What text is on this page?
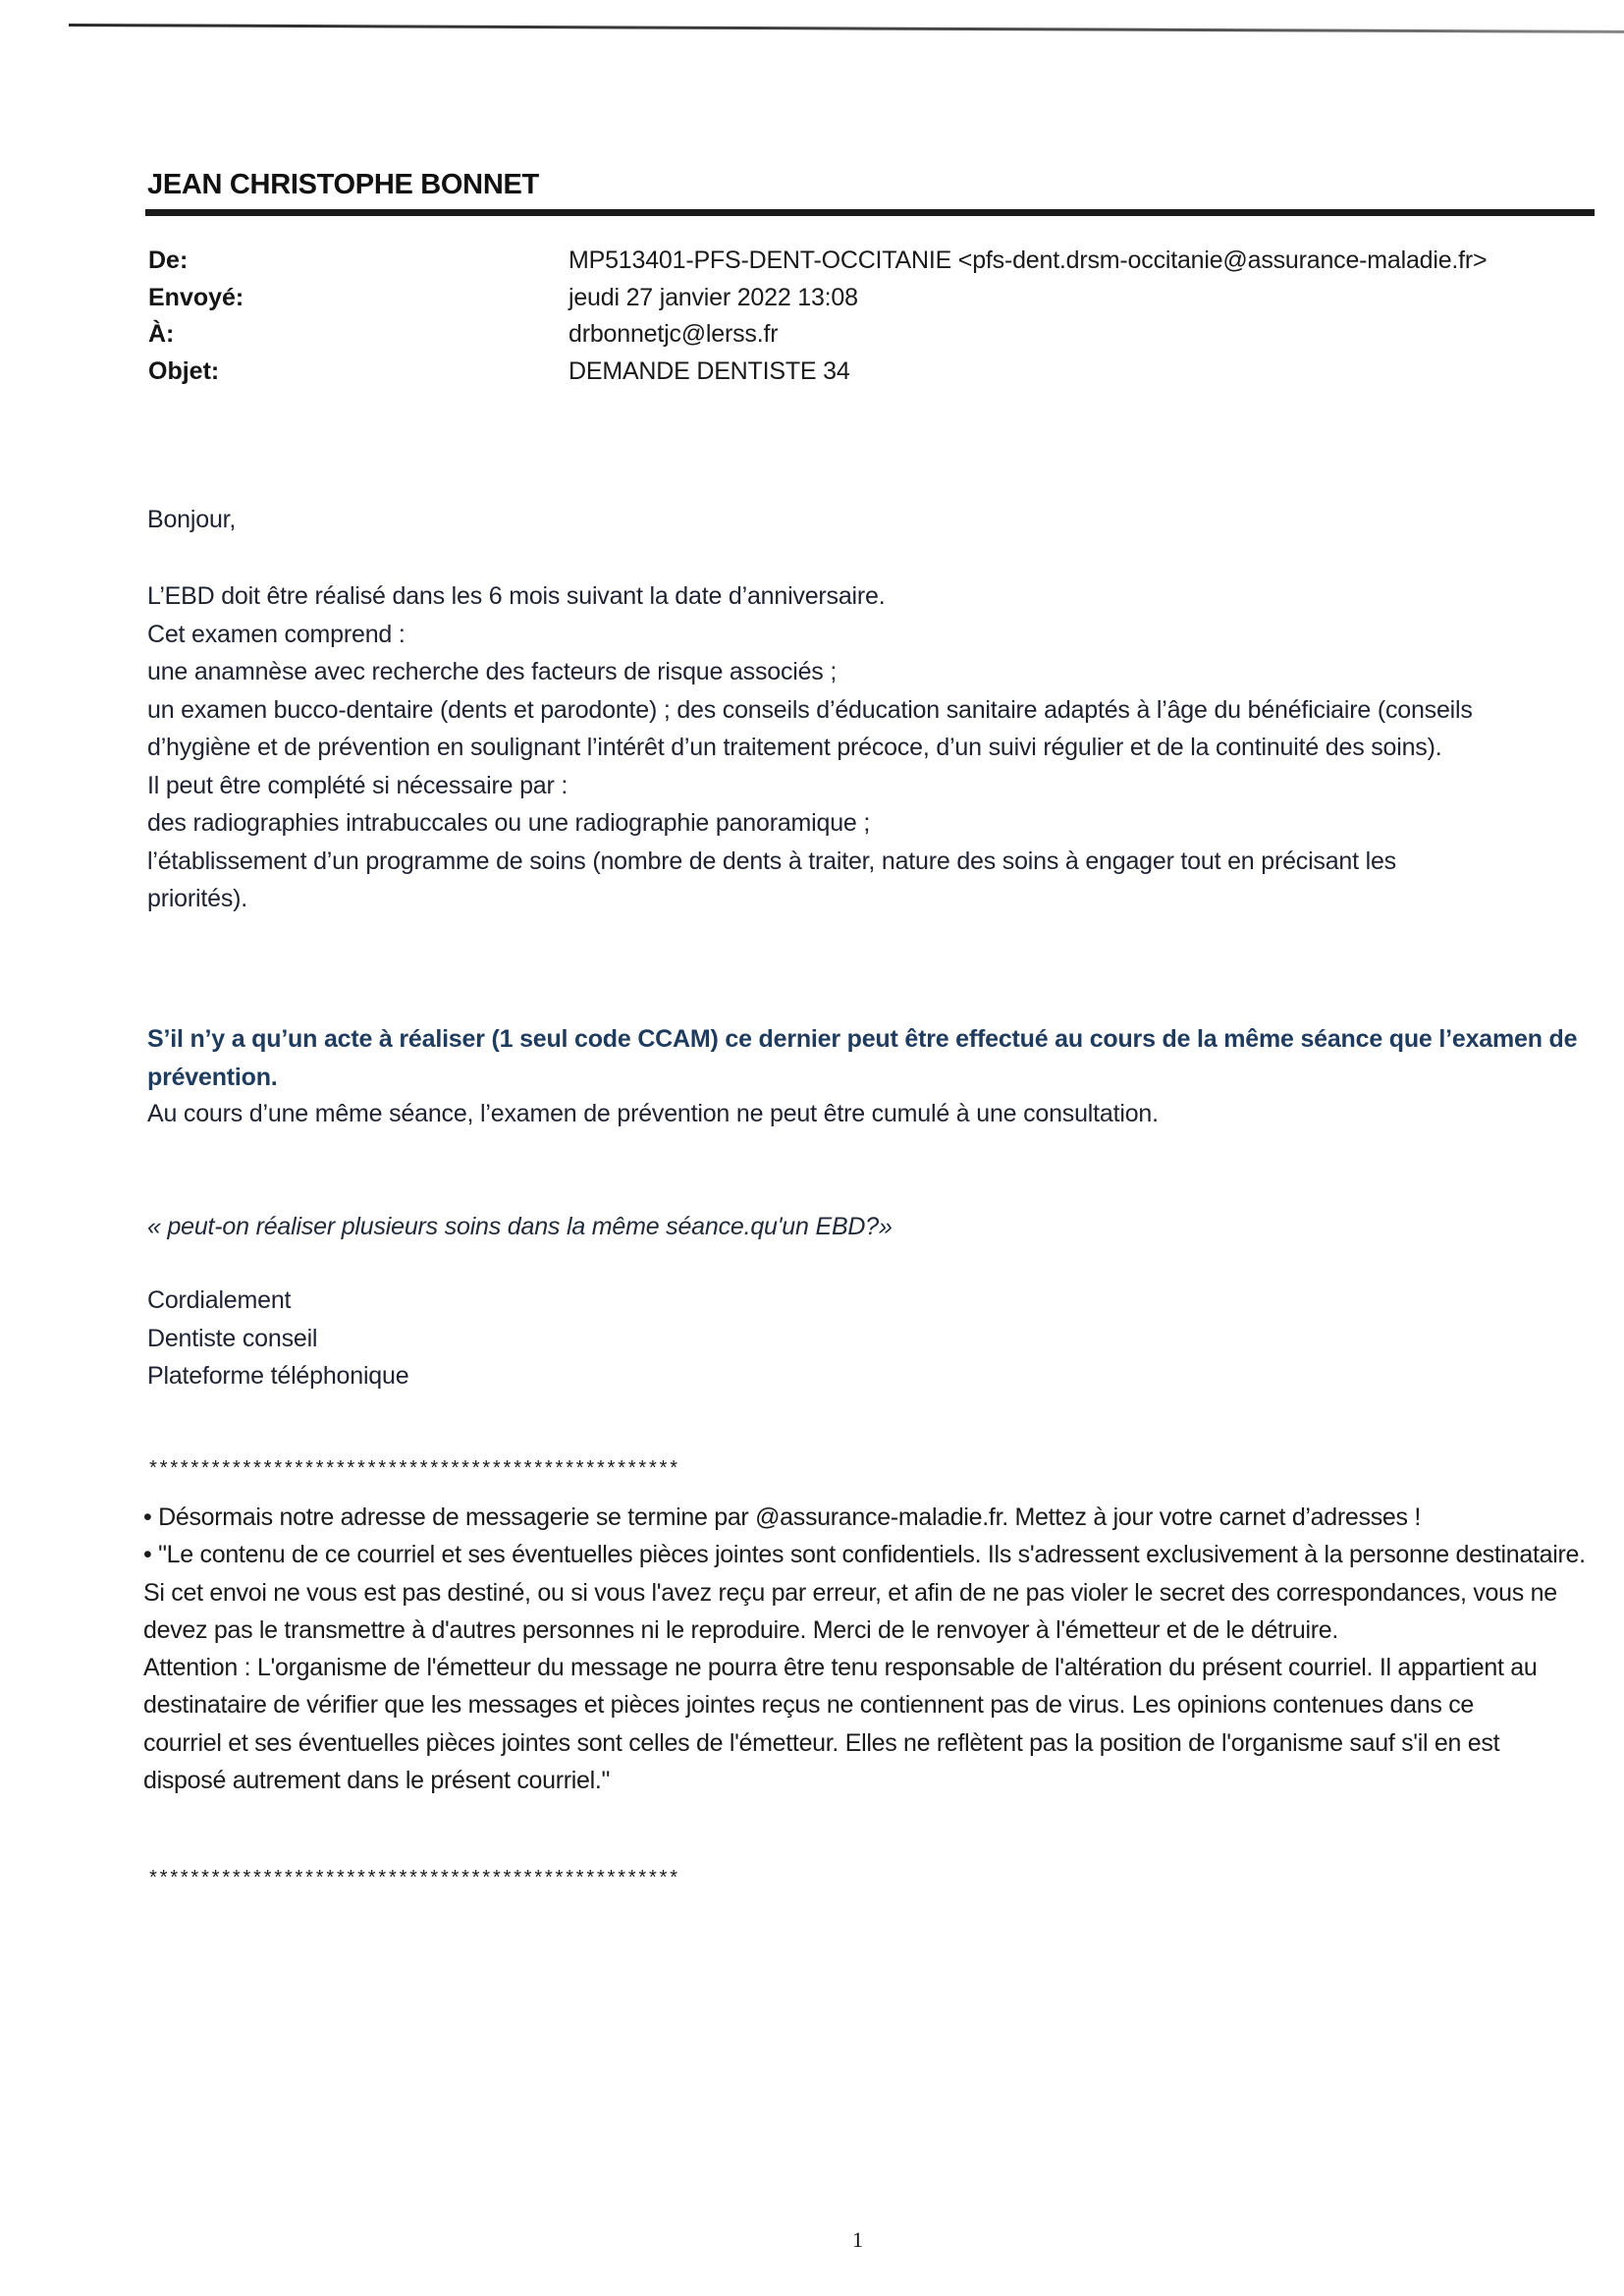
JEAN CHRISTOPHE BONNET
De:	MP513401-PFS-DENT-OCCITANIE <pfs-dent.drsm-occitanie@assurance-maladie.fr>
Envoyé:	jeudi 27 janvier 2022 13:08
À:	drbonnetjc@lerss.fr
Objet:	DEMANDE DENTISTE 34
Bonjour,
L’EBD doit être réalisé dans les 6 mois suivant la date d’anniversaire.
Cet examen comprend :
une anamnèse avec recherche des facteurs de risque associés ;
un examen bucco-dentaire (dents et parodonte) ; des conseils d’éducation sanitaire adaptés à l’âge du bénéficiaire (conseils d’hygiène et de prévention en soulignant l’intérêt d’un traitement précoce, d’un suivi régulier et de la continuité des soins).
Il peut être complété si nécessaire par :
des radiographies intrabuccales ou une radiographie panoramique ;
l’établissement d’un programme de soins (nombre de dents à traiter, nature des soins à engager tout en précisant les priorités).
S’il n’y a qu’un acte à réaliser (1 seul code CCAM) ce dernier peut être effectué au cours de la même séance que l’examen de prévention.
Au cours d’une même séance, l’examen de prévention ne peut être cumulé à une consultation.
« peut-on réaliser plusieurs soins dans la même séance.qu'un EBD?»
Cordialement
Dentiste conseil
Plateforme téléphonique
***************************************************
• Désormais notre adresse de messagerie se termine par @assurance-maladie.fr. Mettez à jour votre carnet d’adresses !
• "Le contenu de ce courriel et ses éventuelles pièces jointes sont confidentiels. Ils s'adressent exclusivement à la personne destinataire. Si cet envoi ne vous est pas destiné, ou si vous l'avez reçu par erreur, et afin de ne pas violer le secret des correspondances, vous ne devez pas le transmettre à d'autres personnes ni le reproduire. Merci de le renvoyer à l'émetteur et de le détruire.
Attention : L'organisme de l'émetteur du message ne pourra être tenu responsable de l'altération du présent courriel. Il appartient au destinataire de vérifier que les messages et pièces jointes reçus ne contiennent pas de virus. Les opinions contenues dans ce courriel et ses éventuelles pièces jointes sont celles de l'émetteur. Elles ne reflètent pas la position de l'organisme sauf s'il en est disposé autrement dans le présent courriel."
***************************************************
1
